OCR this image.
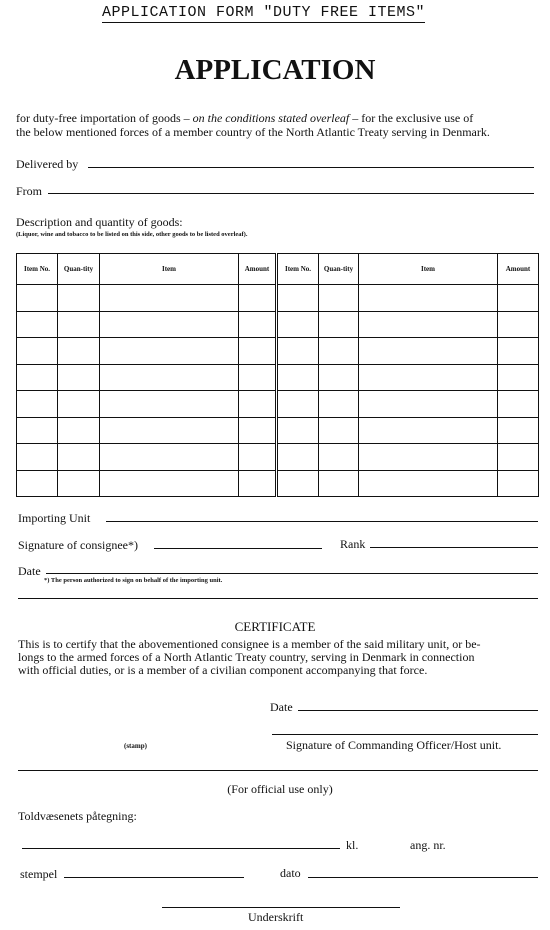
APPLICATION FORM "DUTY FREE ITEMS"
APPLICATION
for duty-free importation of goods – on the conditions stated overleaf – for the exclusive use of
the below mentioned forces of a member country of the North Atlantic Treaty serving in Denmark.
Delivered by
From
Description and quantity of goods:
(Liquor, wine and tobacco to be listed on this side, other goods to be listed overleaf).
Item No.	Quan-tity	Item	Amount	Item No.	Quan-tity	Item	Amount

Importing Unit
Signature of consignee*)	Rank
Date
*) The person authorized to sign on behalf of the importing unit.
CERTIFICATE
This is to certify that the abovementioned consignee is a member of the said military unit, or be-
longs to the armed forces of a North Atlantic Treaty country, serving in Denmark in connection
with official duties, or is a member of a civilian component accompanying that force.
Date
(stamp)	Signature of Commanding Officer/Host unit.
(For official use only)
Toldvæsenets påtegning:
kl.	ang. nr.
stempel	dato
Underskrift
